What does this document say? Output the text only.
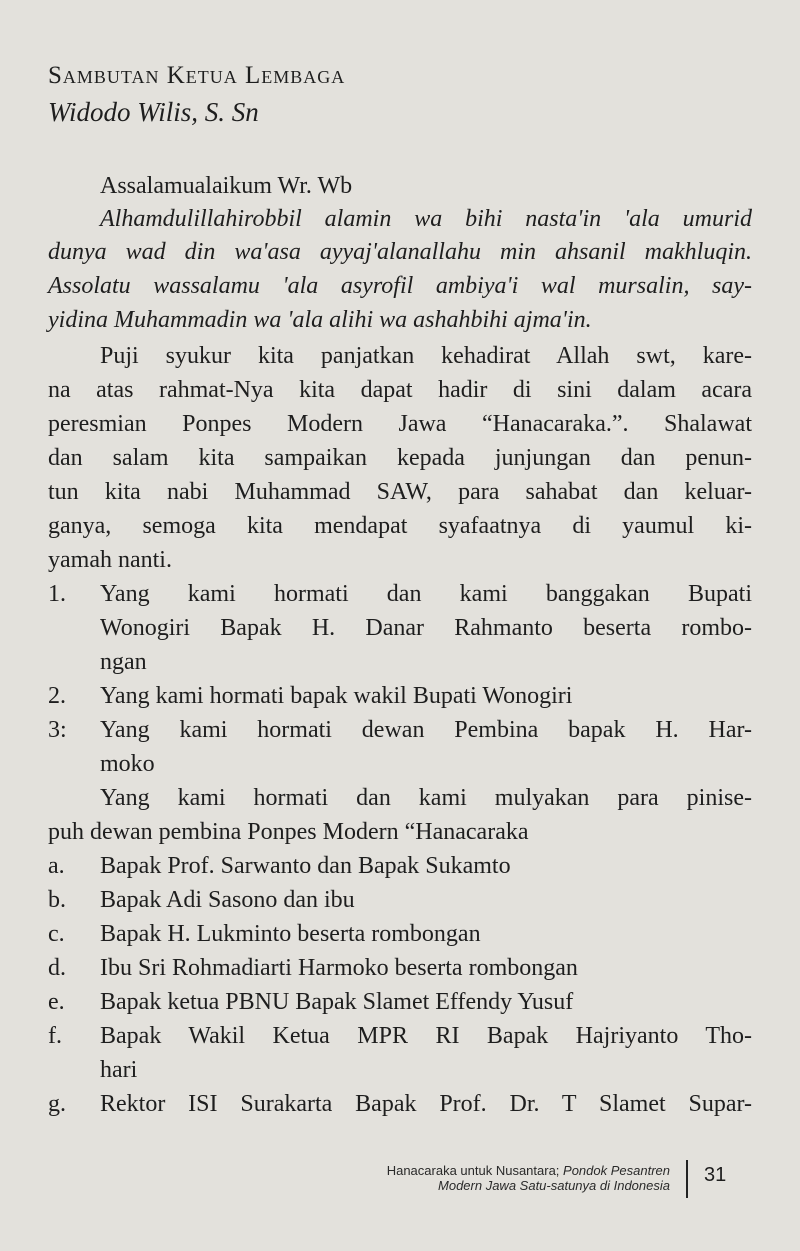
Sambutan Ketua Lembaga
Widodo Wilis, S. Sn
Assalamualaikum Wr. Wb
Alhamdulillahirobbil alamin wa bihi nasta'in 'ala umurid
dunya wad din wa'asa ayyaj'alanallahu min ahsanil makhluqin.
Assolatu wassalamu 'ala asyrofil ambiya'i wal mursalin, say-
yidina Muhammadin wa 'ala alihi wa ashahbihi ajma'in.
Puji syukur kita panjatkan kehadirat Allah swt, kare-
na atas rahmat-Nya kita dapat hadir di sini dalam acara
peresmian Ponpes Modern Jawa “Hanacaraka.”. Shalawat
dan salam kita sampaikan kepada junjungan dan penun-
tun kita nabi Muhammad SAW, para sahabat dan keluar-
ganya, semoga kita mendapat syafaatnya di yaumul ki-
yamah nanti.
1. Yang kami hormati dan kami banggakan Bupati
Wonogiri Bapak H. Danar Rahmanto beserta rombo-
ngan
2. Yang kami hormati bapak wakil Bupati Wonogiri
3: Yang kami hormati dewan Pembina bapak H. Har-
moko
Yang kami hormati dan kami mulyakan para pinise-
puh dewan pembina Ponpes Modern “Hanacaraka
a. Bapak Prof. Sarwanto dan Bapak Sukamto
b. Bapak Adi Sasono dan ibu
c. Bapak H. Lukminto beserta rombongan
d. Ibu Sri Rohmadiarti Harmoko beserta rombongan
e. Bapak ketua PBNU Bapak Slamet Effendy Yusuf
f. Bapak Wakil Ketua MPR RI Bapak Hajriyanto Tho-
hari
g. Rektor ISI Surakarta Bapak Prof. Dr. T Slamet Supar-
Hanacaraka untuk Nusantara; Pondok Pesantren
Modern Jawa Satu-satunya di Indonesia 31
